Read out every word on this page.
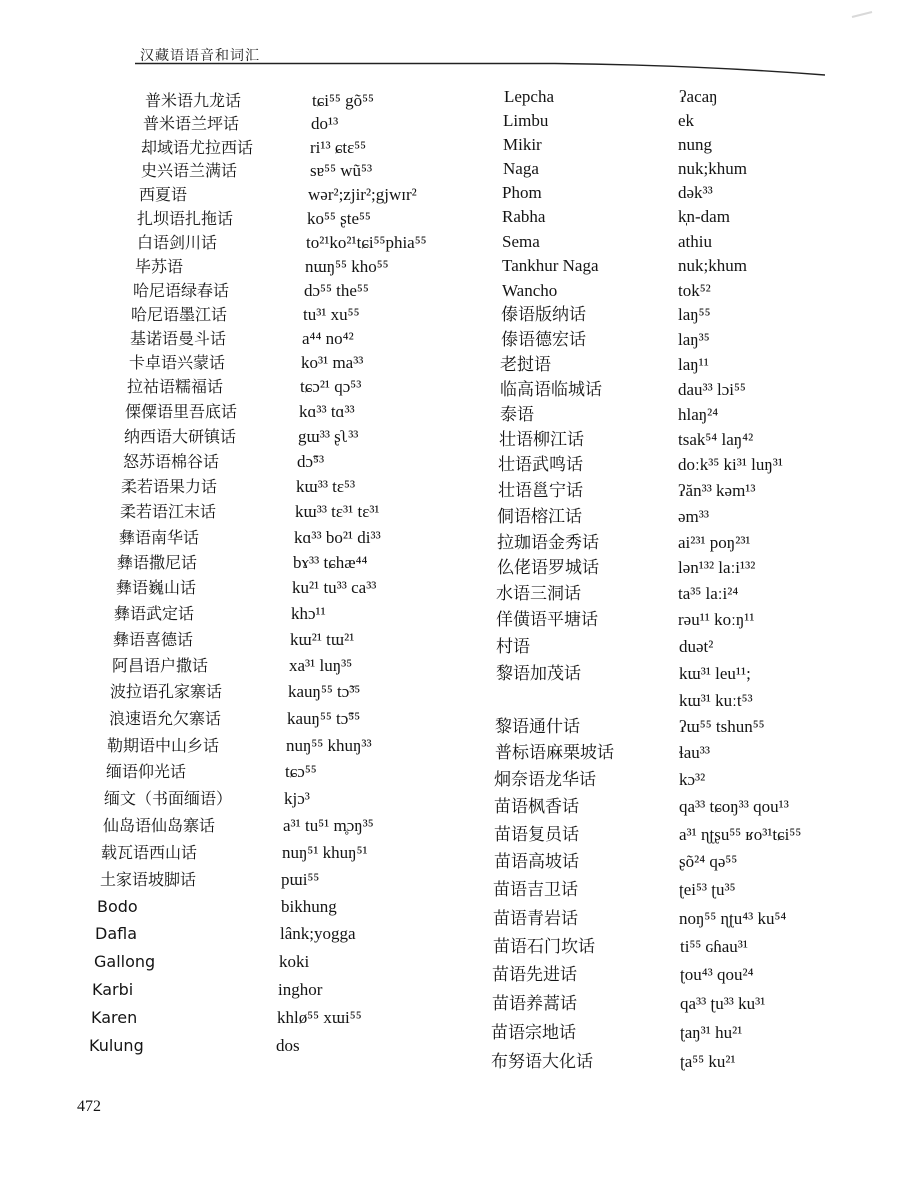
汉藏语语音和词汇
普米语九龙话	tɕi⁵⁵ gõ⁵⁵
普米语兰坪话	do¹³
却域语尤拉西话	ri¹³ ɕtɛ⁵⁵
史兴语兰满话	sɐ⁵⁵ wũ⁵³
西夏语	wər²;zjir²;gjwɪr²
扎坝语扎拖话	ko⁵⁵ ʂte⁵⁵
白语剑川话	to²¹ko²¹tɕi⁵⁵phia⁵⁵
毕苏语	nɯŋ⁵⁵ kho⁵⁵
哈尼语绿春话	dɔ⁵⁵ the⁵⁵
哈尼语墨江话	tu³¹ xu⁵⁵
基诺语曼斗话	a⁴⁴ no⁴²
卡卓语兴蒙话	ko³¹ ma³³
拉祜语糯福话	tɕɔ²¹ qɔ⁵³
傈僳语里吾底话	kɑ³³ tɑ³³
纳西语大研镇话	gɯ³³ ʂʅ³³
怒苏语棉谷话	dɔ̃⁵³
柔若语果力话	kɯ³³ tɛ⁵³
柔若语江末话	kɯ³³ tɛ³¹ tɛ³¹
彝语南华话	kɑ³³ bo²¹ di³³
彝语撒尼话	bɤ³³ tɕhæ⁴⁴
彝语巍山话	ku²¹ tu³³ ca³³
彝语武定话	khɔ¹¹
彝语喜德话	kɯ²¹ tɯ²¹
阿昌语户撒话	xa³¹ luŋ³⁵
波拉语孔家寨话	kauŋ⁵⁵ tɔ̃³⁵
浪速语允欠寨话	kauŋ⁵⁵ tɔ̃⁵⁵
勒期语中山乡话	nuŋ⁵⁵ khuŋ³³
缅语仰光话	tɕɔ⁵⁵
缅文（书面缅语）	kjɔ³
仙岛语仙岛寨话	a³¹ tu⁵¹ m̥ɔŋ³⁵
载瓦语西山话	nuŋ⁵¹ khuŋ⁵¹
土家语坡脚话	pɯi⁵⁵
Bodo	bikhung
Dafla	lânk;yogga
Gallong	koki
Karbi	inghor
Karen	khlø⁵⁵ xɯi⁵⁵
Kulung	dos
Lepcha	ʔacaŋ
Limbu	ek
Mikir	nung
Naga	nuk;khum
Phom	dək³³
Rabha	k̩n-dam
Sema	athiu
Tankhur Naga	nuk;khum
Wancho	tok⁵²
傣语版纳话	laŋ⁵⁵
傣语德宏话	laŋ³⁵
老挝语	laŋ¹¹
临高语临城话	dau³³ lɔi⁵⁵
泰语	hlaŋ²⁴
壮语柳江话	tsak⁵⁴ laŋ⁴²
壮语武鸣话	doːk³⁵ ki³¹ luŋ³¹
壮语邕宁话	ʔăn³³ kəm¹³
侗语榕江话	əm³³
拉珈语金秀话	ai²³¹ poŋ²³¹
仫佬语罗城话	lən¹³² laːi¹³²
水语三洞话	ta³⁵ laːi²⁴
佯僙语平塘话	rəu¹¹ koːŋ¹¹
村语	duət²
黎语加茂话	kɯ³¹ leu¹¹;
kɯ³¹ kuːt⁵³
黎语通什话	ʔɯ⁵⁵ tshun⁵⁵
普标语麻栗坡话	ɬau³³
炯奈语龙华话	kɔ³²
苗语枫香话	qa³³ tɕoŋ³³ qou¹³
苗语复员话	a³¹ ɳʈʂu⁵⁵ ʁo³¹tɕi⁵⁵
苗语高坡话	ʂõ²⁴ qə⁵⁵
苗语吉卫话	ʈei⁵³ ʈu³⁵
苗语青岩话	noŋ⁵⁵ ɳʈu⁴³ ku⁵⁴
苗语石门坎话	ti⁵⁵ ɢɦau³¹
苗语先进话	ʈou⁴³ qou²⁴
苗语养蒿话	qa³³ ʈu³³ ku³¹
苗语宗地话	ʈaŋ³¹ hu²¹
布努语大化话	ʈa⁵⁵ ku²¹
472
